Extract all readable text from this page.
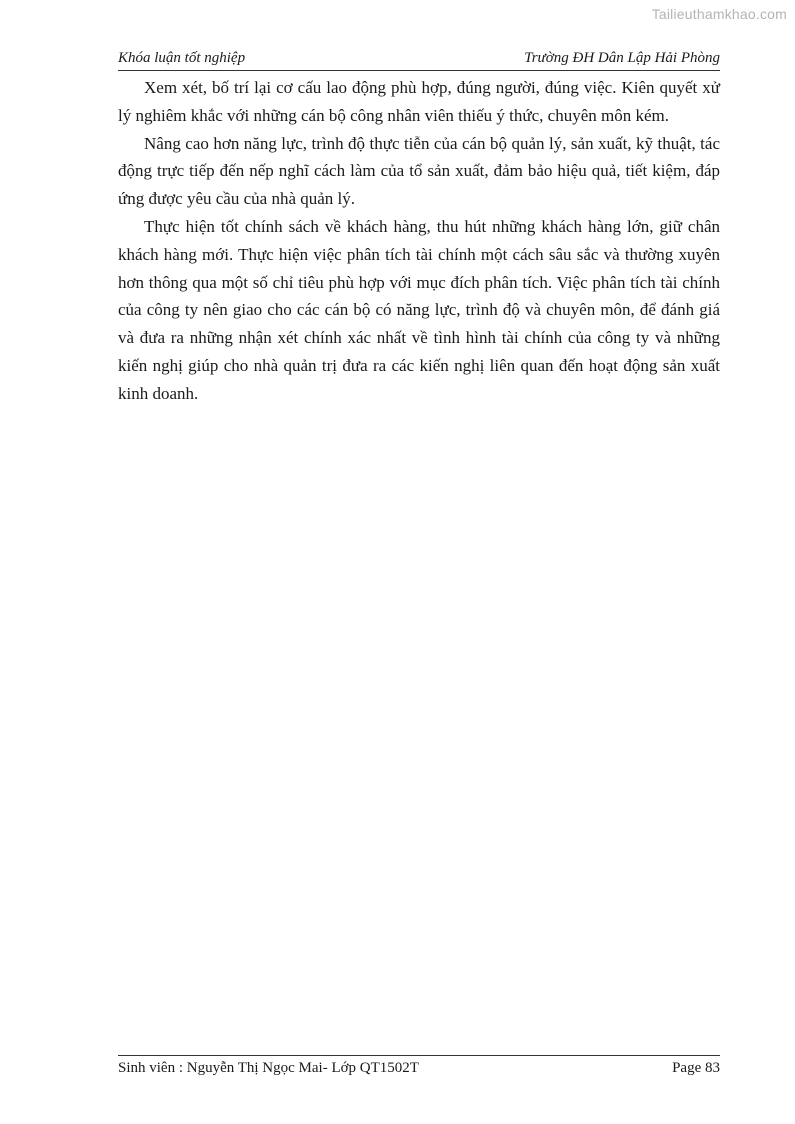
Tailieuthamkhao.com
Khóa luận tốt nghiệp	Trường ĐH Dân Lập Hải Phòng

Xem xét, bố trí lại cơ cấu lao động phù hợp, đúng người, đúng việc. Kiên quyết xử lý nghiêm khắc với những cán bộ công nhân viên thiếu ý thức, chuyên môn kém.

Nâng cao hơn năng lực, trình độ thực tiễn của cán bộ quản lý, sản xuất, kỹ thuật, tác động trực tiếp đến nếp nghĩ cách làm của tổ sản xuất, đảm bảo hiệu quả, tiết kiệm, đáp ứng được yêu cầu của nhà quản lý.

Thực hiện tốt chính sách về khách hàng, thu hút những khách hàng lớn, giữ chân khách hàng mới. Thực hiện việc phân tích tài chính một cách sâu sắc và thường xuyên hơn thông qua một số chỉ tiêu phù hợp với mục đích phân tích. Việc phân tích tài chính của công ty nên giao cho các cán bộ có năng lực, trình độ và chuyên môn, để đánh giá và đưa ra những nhận xét chính xác nhất về tình hình tài chính của công ty và những kiến nghị giúp cho nhà quản trị đưa ra các kiến nghị liên quan đến hoạt động sản xuất kinh doanh.

Sinh viên : Nguyễn Thị Ngọc Mai- Lớp QT1502T	Page 83
